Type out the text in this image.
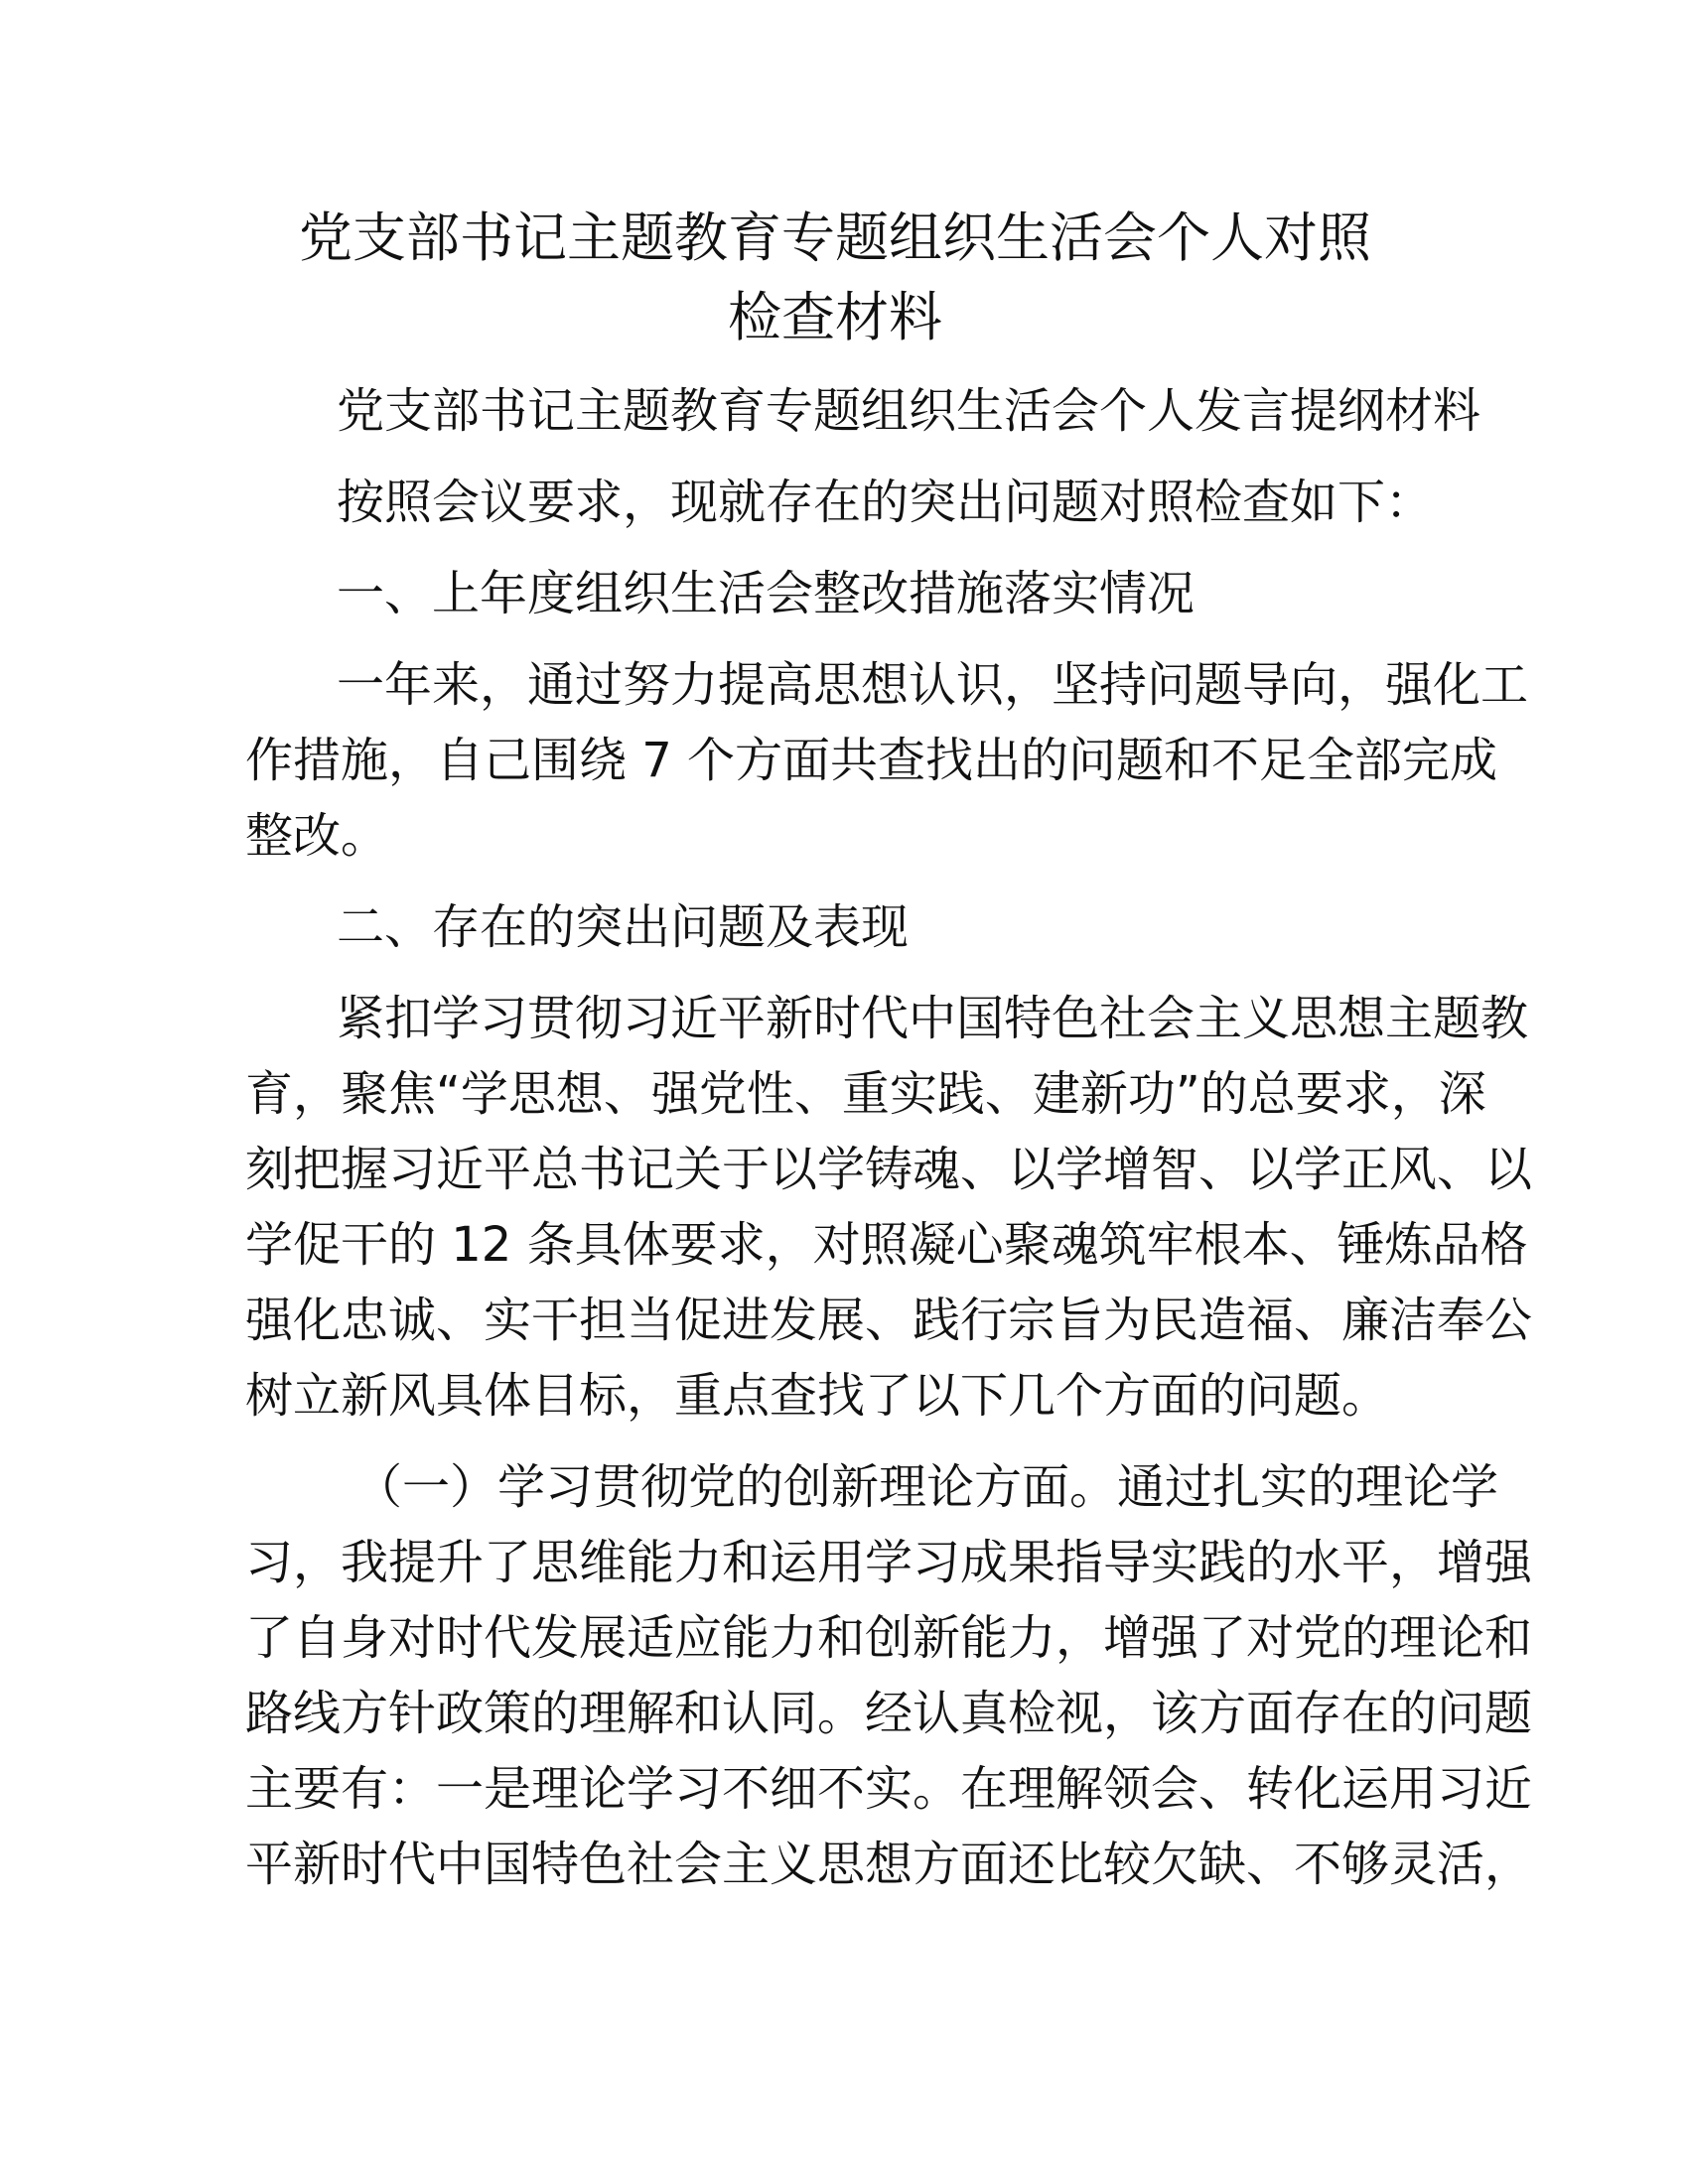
党支部书记主题教育专题组织生活会个人对照
检查材料
党支部书记主题教育专题组织生活会个人发言提纲材料
按照会议要求，现就存在的突出问题对照检查如下：
一、上年度组织生活会整改措施落实情况
一年来，通过努力提高思想认识，坚持问题导向，强化工
作措施，自己围绕 7 个方面共查找出的问题和不足全部完成
整改。
二、存在的突出问题及表现
紧扣学习贯彻习近平新时代中国特色社会主义思想主题教
育，聚焦“学思想、强党性、重实践、建新功”的总要求，深
刻把握习近平总书记关于以学铸魂、以学增智、以学正风、以
学促干的 12 条具体要求，对照凝心聚魂筑牢根本、锤炼品格
强化忠诚、实干担当促进发展、践行宗旨为民造福、廉洁奉公
树立新风具体目标，重点查找了以下几个方面的问题。
（一）学习贯彻党的创新理论方面。通过扎实的理论学
习，我提升了思维能力和运用学习成果指导实践的水平，增强
了自身对时代发展适应能力和创新能力，增强了对党的理论和
路线方针政策的理解和认同。经认真检视，该方面存在的问题
主要有：一是理论学习不细不实。在理解领会、转化运用习近
平新时代中国特色社会主义思想方面还比较欠缺、不够灵活，
